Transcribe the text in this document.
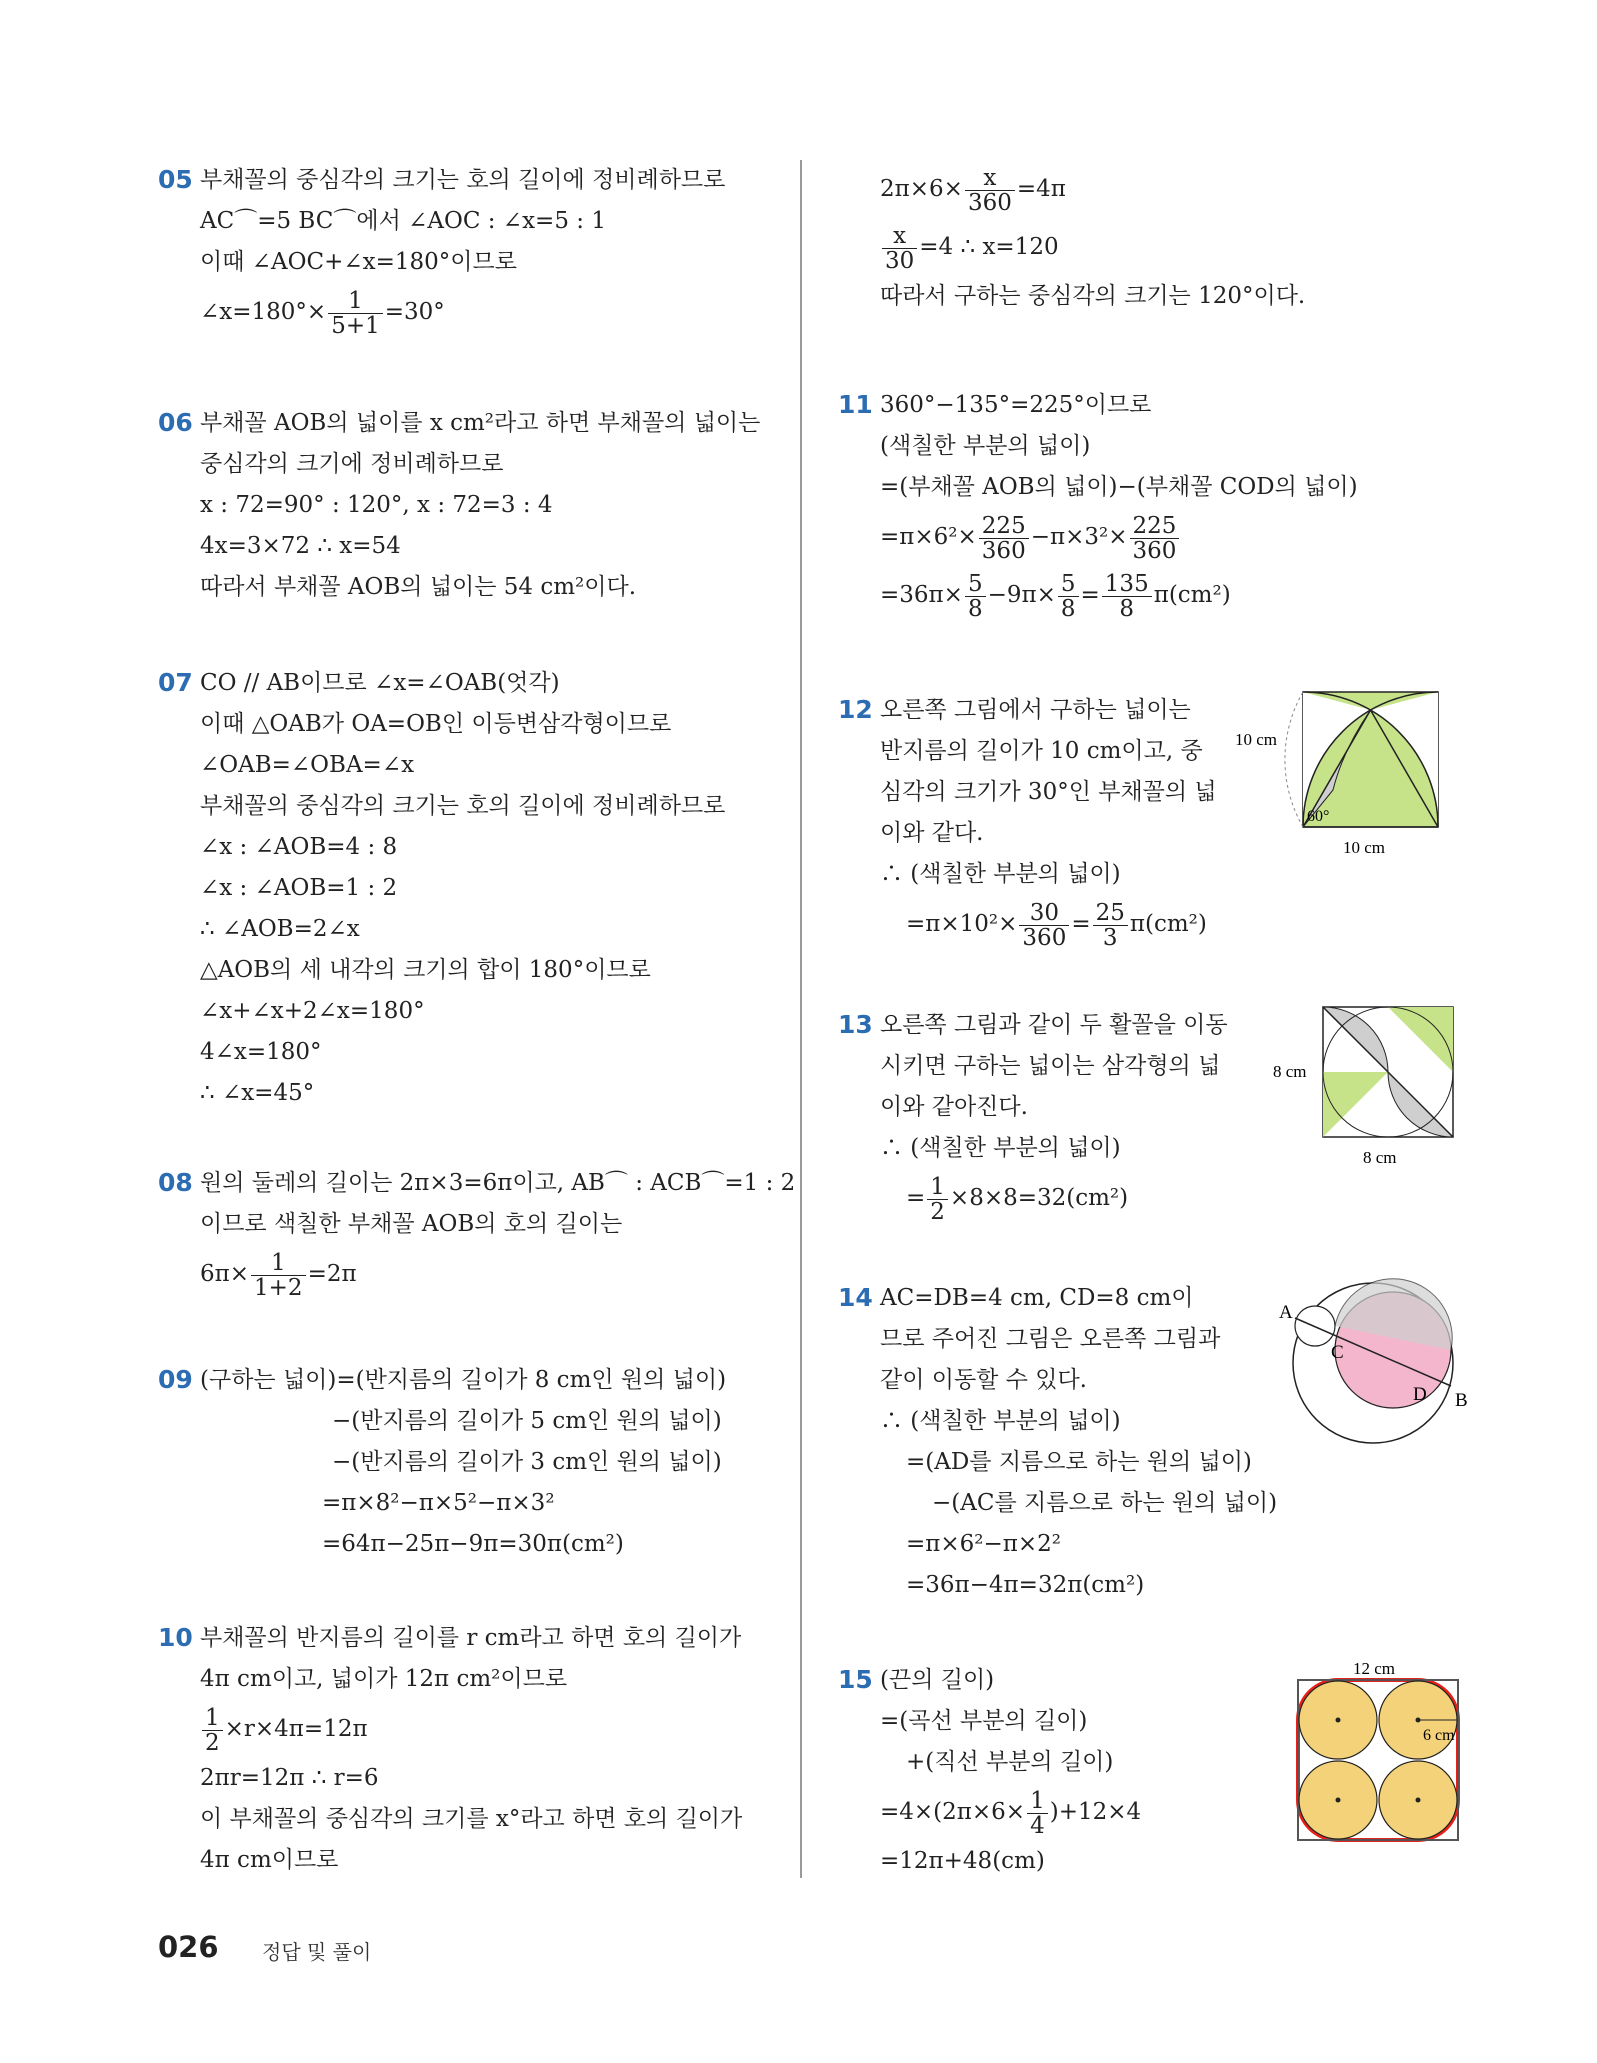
05 부채꼴의 중심각의 크기는 호의 길이에 정비례하므로
AC⌒=5 BC⌒에서 ∠AOC : ∠x=5 : 1
이때 ∠AOC+∠x=180°이므로
∠x=180°× $\frac{1}{5+1} =30^\circ$
06 부채꼴 AOB의 넓이를 x cm²라고 하면 부채꼴의 넓이는
중심각의 크기에 정비례하므로
x : 72=90° : 120°, x : 72=3 : 4
4x=3×72 ∴ x=54
따라서 부채꼴 AOB의 넓이는 54 cm²이다.
07 CO // AB이므로 ∠x=∠OAB(엇각)
이때 △OAB가 OA=OB인 이등변삼각형이므로
∠OAB=∠OBA=∠x
부채꼴의 중심각의 크기는 호의 길이에 정비례하므로
∠x : ∠AOB=4 : 8
∠x : ∠AOB=1 : 2
∴ ∠AOB=2∠x
△AOB의 세 내각의 크기의 합이 180°이므로
∠x+∠x+2∠x=180°
4∠x=180°
∴ ∠x=45°
08 원의 둘레의 길이는 2π×3=6π이고, AB⌒ : ACB⌒=1 : 2
이므로 색칠한 부채꼴 AOB의 호의 길이는
$6\pi\times \frac{1}{1+2} =2\pi$
09 (구하는 넓이)=(반지름의 길이가 8 cm인 원의 넓이)
−(반지름의 길이가 5 cm인 원의 넓이)
−(반지름의 길이가 3 cm인 원의 넓이)
=π×8²−π×5²−π×3²
=64π−25π−9π=30π(cm²)
10 부채꼴의 반지름의 길이를 r cm라고 하면 호의 길이가
4π cm이고, 넓이가 12π cm²이므로
$\frac{1}{2} \times r\times 4\pi=12\pi$
2πr=12π ∴ r=6
이 부채꼴의 중심각의 크기를 x°라고 하면 호의 길이가
4π cm이므로
$2\pi\times 6\times \frac{x}{360} =4\pi$
$\frac{x}{30} =4$ ∴ x=120
따라서 구하는 중심각의 크기는 120°이다.
11 360°−135°=225°이므로
(색칠한 부분의 넓이)
=(부채꼴 AOB의 넓이)−(부채꼴 COD의 넓이)
$=\pi\times 6^2\times \frac{225}{360} -\pi\times 3^2\times \frac{225}{360}$
$=36\pi\times \frac{5}{8} -9\pi\times \frac{5}{8} = \frac{135}{8} \pi(cm^2)$
12 오른쪽 그림에서 구하는 넓이는
반지름의 길이가 10 cm이고, 중
심각의 크기가 30°인 부채꼴의 넓
이와 같다.
∴ (색칠한 부분의 넓이)
$=\pi\times 10^2\times \frac{30}{360} = \frac{25}{3} \pi(cm^2)$
10 cm
60°
10 cm
13 오른쪽 그림과 같이 두 활꼴을 이동
시키면 구하는 넓이는 삼각형의 넓
이와 같아진다.
∴ (색칠한 부분의 넓이)
= $\frac{1}{2} \times 8\times 8=32(cm^2)$
8 cm
8 cm
14 AC=DB=4 cm, CD=8 cm이
므로 주어진 그림은 오른쪽 그림과
같이 이동할 수 있다.
∴ (색칠한 부분의 넓이)
=(AD를 지름으로 하는 원의 넓이)
−(AC를 지름으로 하는 원의 넓이)
=π×6²−π×2²
=36π−4π=32π(cm²)
A
C
D B
15 (끈의 길이)
=(곡선 부분의 길이)
+(직선 부분의 길이)
$=4\times(2\pi\times 6\times \frac{1}{4} )+12\times 4$
=12π+48(cm)
12 cm
6 cm
026 정답 및 풀이
